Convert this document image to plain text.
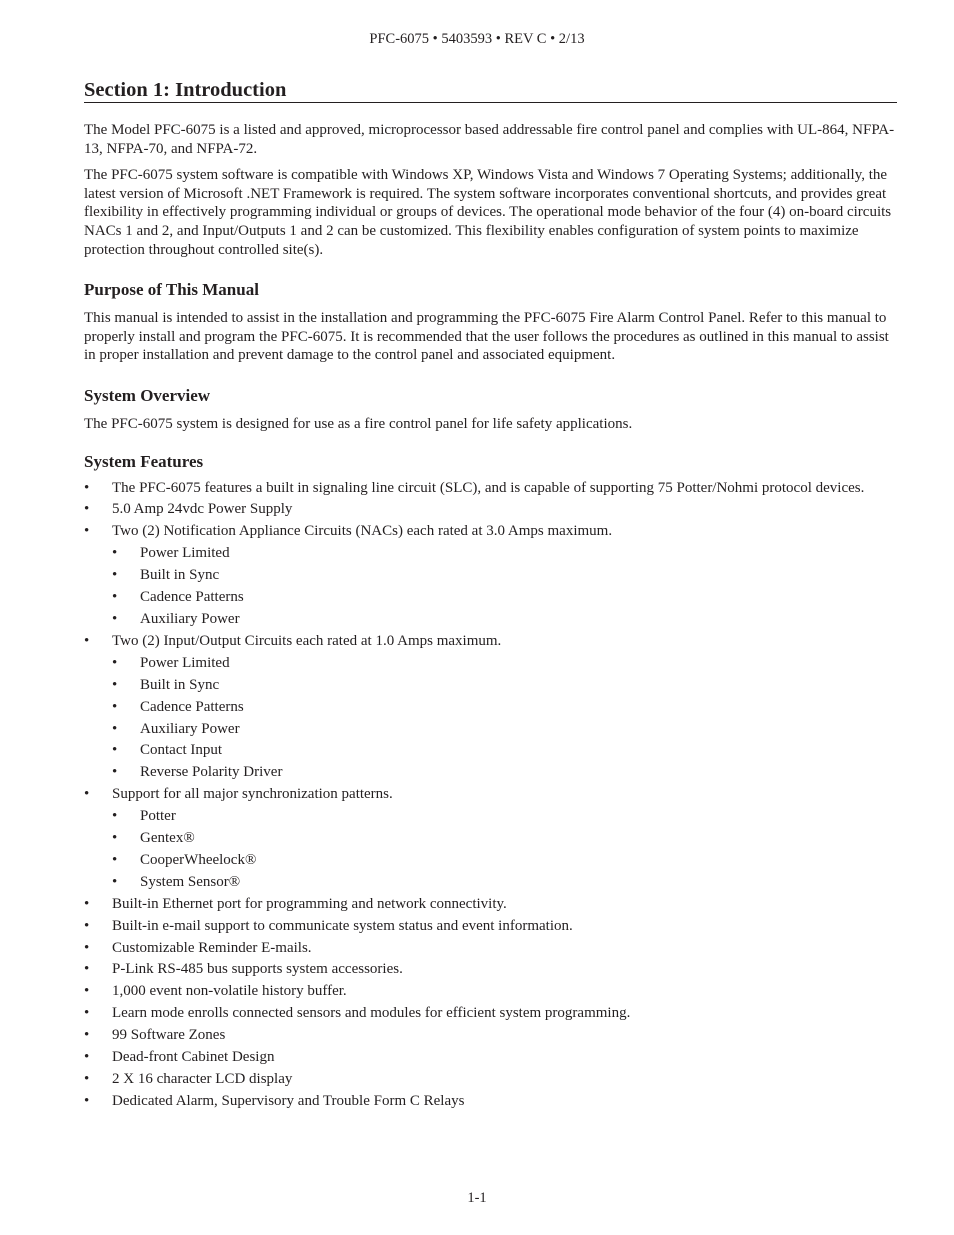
PFC-6075 • 5403593 • REV C • 2/13
Section 1: Introduction

The Model PFC-6075 is a listed and approved, microprocessor based addressable fire control panel and complies with UL-864, NFPA-13, NFPA-70, and NFPA-72.

The PFC-6075 system software is compatible with Windows XP, Windows Vista and Windows 7 Operating Systems; additionally, the latest version of Microsoft .NET Framework is required. The system software incorporates conventional shortcuts, and provides great flexibility in effectively programming individual or groups of devices. The operational mode behavior of the four (4) on-board circuits NACs 1 and 2, and Input/Outputs 1 and 2 can be customized. This flexibility enables configuration of system points to maximize protection throughout controlled site(s).

Purpose of This Manual

This manual is intended to assist in the installation and programming the PFC-6075 Fire Alarm Control Panel. Refer to this manual to properly install and program the PFC-6075. It is recommended that the user follows the procedures as outlined in this manual to assist in proper installation and prevent damage to the control panel and associated equipment.

System Overview

The PFC-6075 system is designed for use as a fire control panel for life safety applications.

System Features
• The PFC-6075 features a built in signaling line circuit (SLC), and is capable of supporting 75 Potter/Nohmi protocol devices.
• 5.0 Amp 24vdc Power Supply
• Two (2) Notification Appliance Circuits (NACs) each rated at 3.0 Amps maximum.
• Power Limited
• Built in Sync
• Cadence Patterns
• Auxiliary Power
• Two (2) Input/Output Circuits each rated at 1.0 Amps maximum.
• Power Limited
• Built in Sync
• Cadence Patterns
• Auxiliary Power
• Contact Input
• Reverse Polarity Driver
• Support for all major synchronization patterns.
• Potter
• Gentex®
• CooperWheelock®
• System Sensor®
• Built-in Ethernet port for programming and network connectivity.
• Built-in e-mail support to communicate system status and event information.
• Customizable Reminder E-mails.
• P-Link RS-485 bus supports system accessories.
• 1,000 event non-volatile history buffer.
• Learn mode enrolls connected sensors and modules for efficient system programming.
• 99 Software Zones
• Dead-front Cabinet Design
• 2 X 16 character LCD display
• Dedicated Alarm, Supervisory and Trouble Form C Relays
1-1
